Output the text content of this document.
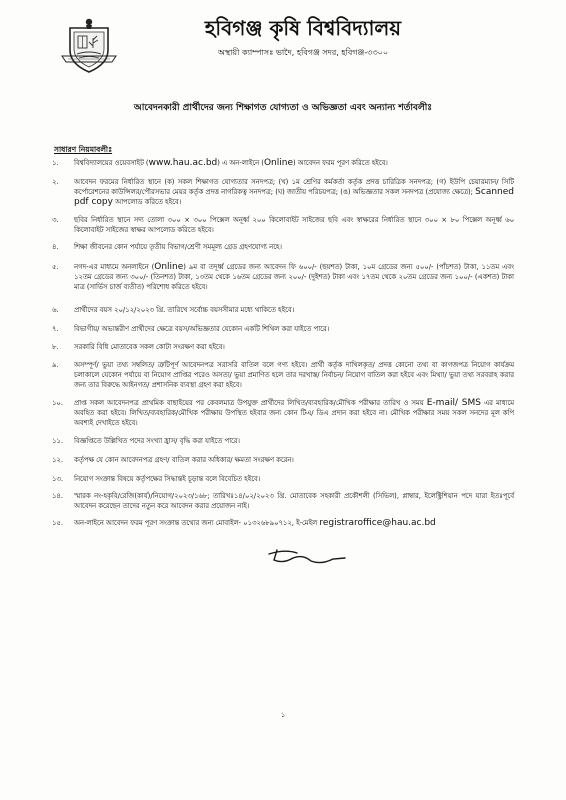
হবিগঞ্জ কৃষি বিশ্ববিদ্যালয়
অস্থায়ী ক্যাম্পাসঃ ভাদৈ, হবিগঞ্জ সদর, হবিগঞ্জ-৩৩০০
আবেদনকারী প্রার্থীদের জন্য শিক্ষাগত যোগ্যতা ও অভিজ্ঞতা এবং অন্যান্য শর্তাবলীঃ
সাধারণ নিয়মাবলীঃ
১.	বিশ্ববিদ্যালয়ের ওয়েবসাইট (www.hau.ac.bd) এ অন-লাইনে (Online) আবেদন ফরম পূরণ করিতে হইবে।
২.	আবেদন ফরমের নির্ধারিত স্থানে (ক) সকল শিক্ষাগত যোগ্যতার সনদপত্র; (খ) ১ম শ্রেণির কর্মকর্তা কর্তৃক প্রদত্ত চারিত্রিক সনদপত্র; (গ) ইউপি চেয়ারম্যান/ সিটি কর্পোরেশনের কাউন্সিলর/পৌরসভার মেয়র কর্তৃক প্রদত্ত নাগরিকত্ব সনদপত্র; (ঘ) জাতীয় পরিচয়পত্র; (ঙ) অভিজ্ঞতার সকল সনদপত্র (প্রযোজ্য ক্ষেত্রে); Scanned pdf copy আপলোড করিতে হইবে।
৩.	ছবির নির্ধারিত স্থানে সদ্য তোলা ৩০০ × ৩০০ পিক্সেল অনূর্ধ্ব ২০০ কিলোবাইট সাইজের ছবি এবং স্বাক্ষরের নির্ধারিত স্থানে ৩০০ × ৮০ পিক্সেল অনূর্ধ্ব ৬০ কিলোবাইট সাইজের স্বাক্ষর আপলোড করিতে হইবে।
৪.	শিক্ষা জীবনের কোন পর্যায়ে তৃতীয় বিভাগ/শ্রেণী সমমূল্য গ্রেড গ্রহণযোগ্য নহে।
৫.	নগদ-এর মাধ্যমে অনলাইনে (Online) ৯ম বা তদূর্ধ্ব গ্রেডের জন্য আবেদন ফি ৬০০/- (ছয়শত) টাকা, ১০ম গ্রেডের জন্য ৫০০/- (পাঁচশত) টাকা, ১১তম এবং ১২তম গ্রেডের জন্য ৩০০/- (তিনশত) টাকা, ১৩তম থেকে ১৬তম গ্রেডের জন্য ২০০/- (দুইশত) টাকা এবং ১৭তম থেকে ২০তম গ্রেডের জন্য ১০০/- (একশত) টাকা মাত্র (সার্ভিস চার্জ ব্যতীত) পরিশোধ করিতে হইবে।
৬.	প্রার্থীদের বয়স ২০/১২/২০২৩ খ্রি. তারিখে সর্বোচ্চ বয়সসীমার মধ্যে থাকিতে হইবে।
৭.	বিভাগীয়/ অভ্যন্তরীণ প্রার্থীদের ক্ষেত্রে বয়স/অভিজ্ঞতার যেকোন একটি শিথিল করা যাইতে পারে।
৮.	সরকারি বিধি মোতাবেক সকল কোটা সংরক্ষণ করা হইবে।
৯.	অসম্পূর্ণ/ ভুয়া তথ্য সম্বলিত/ ত্রুটিপূর্ণ আবেদনপত্র সরাসরি বাতিল বলে গণ্য হইবে। প্রার্থী কর্তৃক দাখিলকৃত/ প্রদত্ত কোনো তথ্য বা কাগজপত্র নিয়োগ কার্যক্রম চলাকালে যেকোন পর্যায়ে বা নিয়োগ প্রাপ্তির পরেও অসত্য/ ভুয়া প্রমাণিত হলে তার দরখাস্ত/ নির্বাচন/ নিয়োগ বাতিল করা হইবে এবং মিথ্যা/ ভুয়া তথ্য সরবরাহ করার জন্য তার বিরুদ্ধে আইনগত/ প্রশাসনিক ব্যবস্থা গ্রহণ করা হইবে।
১০.	প্রাপ্ত সকল আবেদনপত্র প্রাথমিক বাছাইয়ের পর কেবলমাত্র উপযুক্ত প্রার্থীদের লিখিত/ব্যবহারিক/মৌখিক পরীক্ষার তারিখ ও সময় E-mail/ SMS এর মাধ্যমে অবহিত করা হইবে। লিখিত/ব্যবহারিক/মৌখিক পরীক্ষায় উপস্থিত হইবার জন্য কোন টিএ/ ডিএ প্রদান করা হইবে না। মৌখিক পরীক্ষার সময় সকল সনদের মূল কপি অবশ্যই দেখাইতে হইবে।
১১.	বিজ্ঞপ্তিতে উল্লিখিত পদের সংখ্যা হ্রাস/ বৃদ্ধি করা যাইতে পারে।
১২.	কর্তৃপক্ষ যে কোন আবেদনপত্র গ্রহণ/ বাতিল করার অধিকার/ ক্ষমতা সংরক্ষণ করেন।
১৩.	নিয়োগ সংক্রান্ত বিষয়ে কর্তৃপক্ষের সিদ্ধান্তই চূড়ান্ত বলে বিবেচিত হইবে।
১৪.	স্মারক নং-হকৃবি/রেজি(কার্য)/নিয়োগ/২০২৩/১৬৮; তারিখঃ১৪/০২/২০২৩ খ্রি. মোতাবেক সহকারী প্রকৌশলী (সিভিল), প্লাম্বার, ইলেক্ট্রিশিয়ান পদে যারা ইতঃপূর্বে আবেদন করেছেন তাদের নতুন করে আবেদন করার প্রয়োজন নাই।
১৫.	অন-লাইনে আবেদন ফরম পূরণ সংক্রান্ত তথ্যের জন্য মোবাইল- ০১৩২৬৮৯০৭১২, ই-মেইল registraroffice@hau.ac.bd
১
